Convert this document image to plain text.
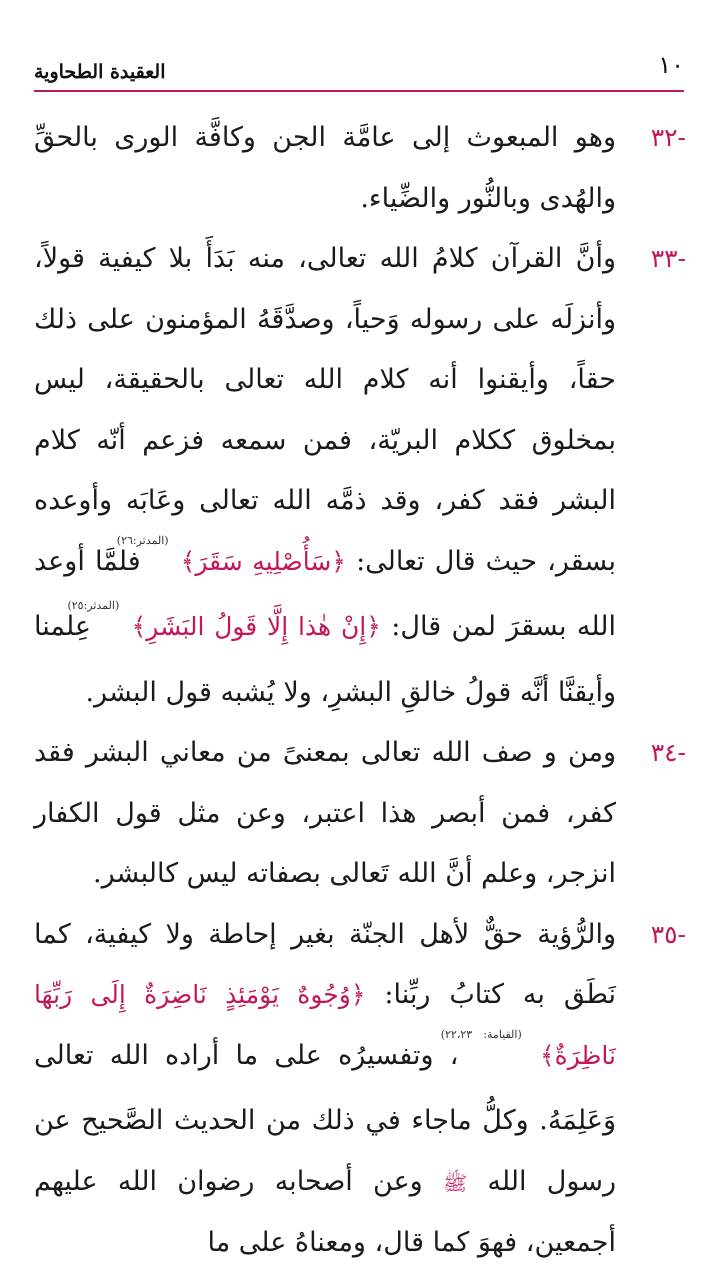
١٠
العقيدة الطحاوية

-٣٢
وهو المبعوث إلى عامَّة الجن وكافَّة الورى بالحقِّ والهُدى وبالنُّور والضِّياء.

-٣٣
وأنَّ القرآن كلامُ الله تعالى، منه بَدَأَ بلا كيفية قولاً، وأنزلَه على رسوله وَحياً، وصدَّقَهُ المؤمنون على ذلك حقاً، وأيقنوا أنه كلام الله تعالى بالحقيقة، ليس بمخلوق ككلام البريّة، فمن سمعه فزعم أنّه كلام البشر فقد كفر، وقد ذمَّه الله تعالى وعَابَه وأوعده بسقر، حيث قال تعالى: ﴿سَأُصْلِيهِ سَقَرَ﴾ $^{(المدثر:٢٦)}$ فلمَّا أوعد الله بسقرَ لمن قال: ﴿إِنْ هٰذا إِلَّا قَولُ البَشَرِ﴾ $^{(المدثر:٢٥)}$ عِلمنا وأيقنَّا أنَّه قولُ خالقِ البشرِ، ولا يُشبه قول البشر.

-٣٤
ومن و صف الله تعالى بمعنىً من معاني البشر فقد كفر، فمن أبصر هذا اعتبر، وعن مثل قول الكفار انزجر، وعلم أنَّ الله تَعالى بصفاته ليس كالبشر.

-٣٥
والرُّؤية حقٌّ لأهل الجنّة بغير إحاطة ولا كيفية، كما نَطَق به كتابُ ربِّنا: ﴿وُجُوهٌ يَوْمَئِذٍ نَاضِرَةٌ إِلَى رَبِّهَا نَاظِرَةٌ﴾ $^{(القيامة: ٢٢،٢٣)}$ ، وتفسيرُه على ما أراده الله تعالى وَعَلِمَهُ. وكلُّ ماجاء في ذلك من الحديث الصَّحيح عن رسول الله ﷺ وعن أصحابه رضوان الله عليهم أجمعين، فهوَ كما قال، ومعناهُ على ما
